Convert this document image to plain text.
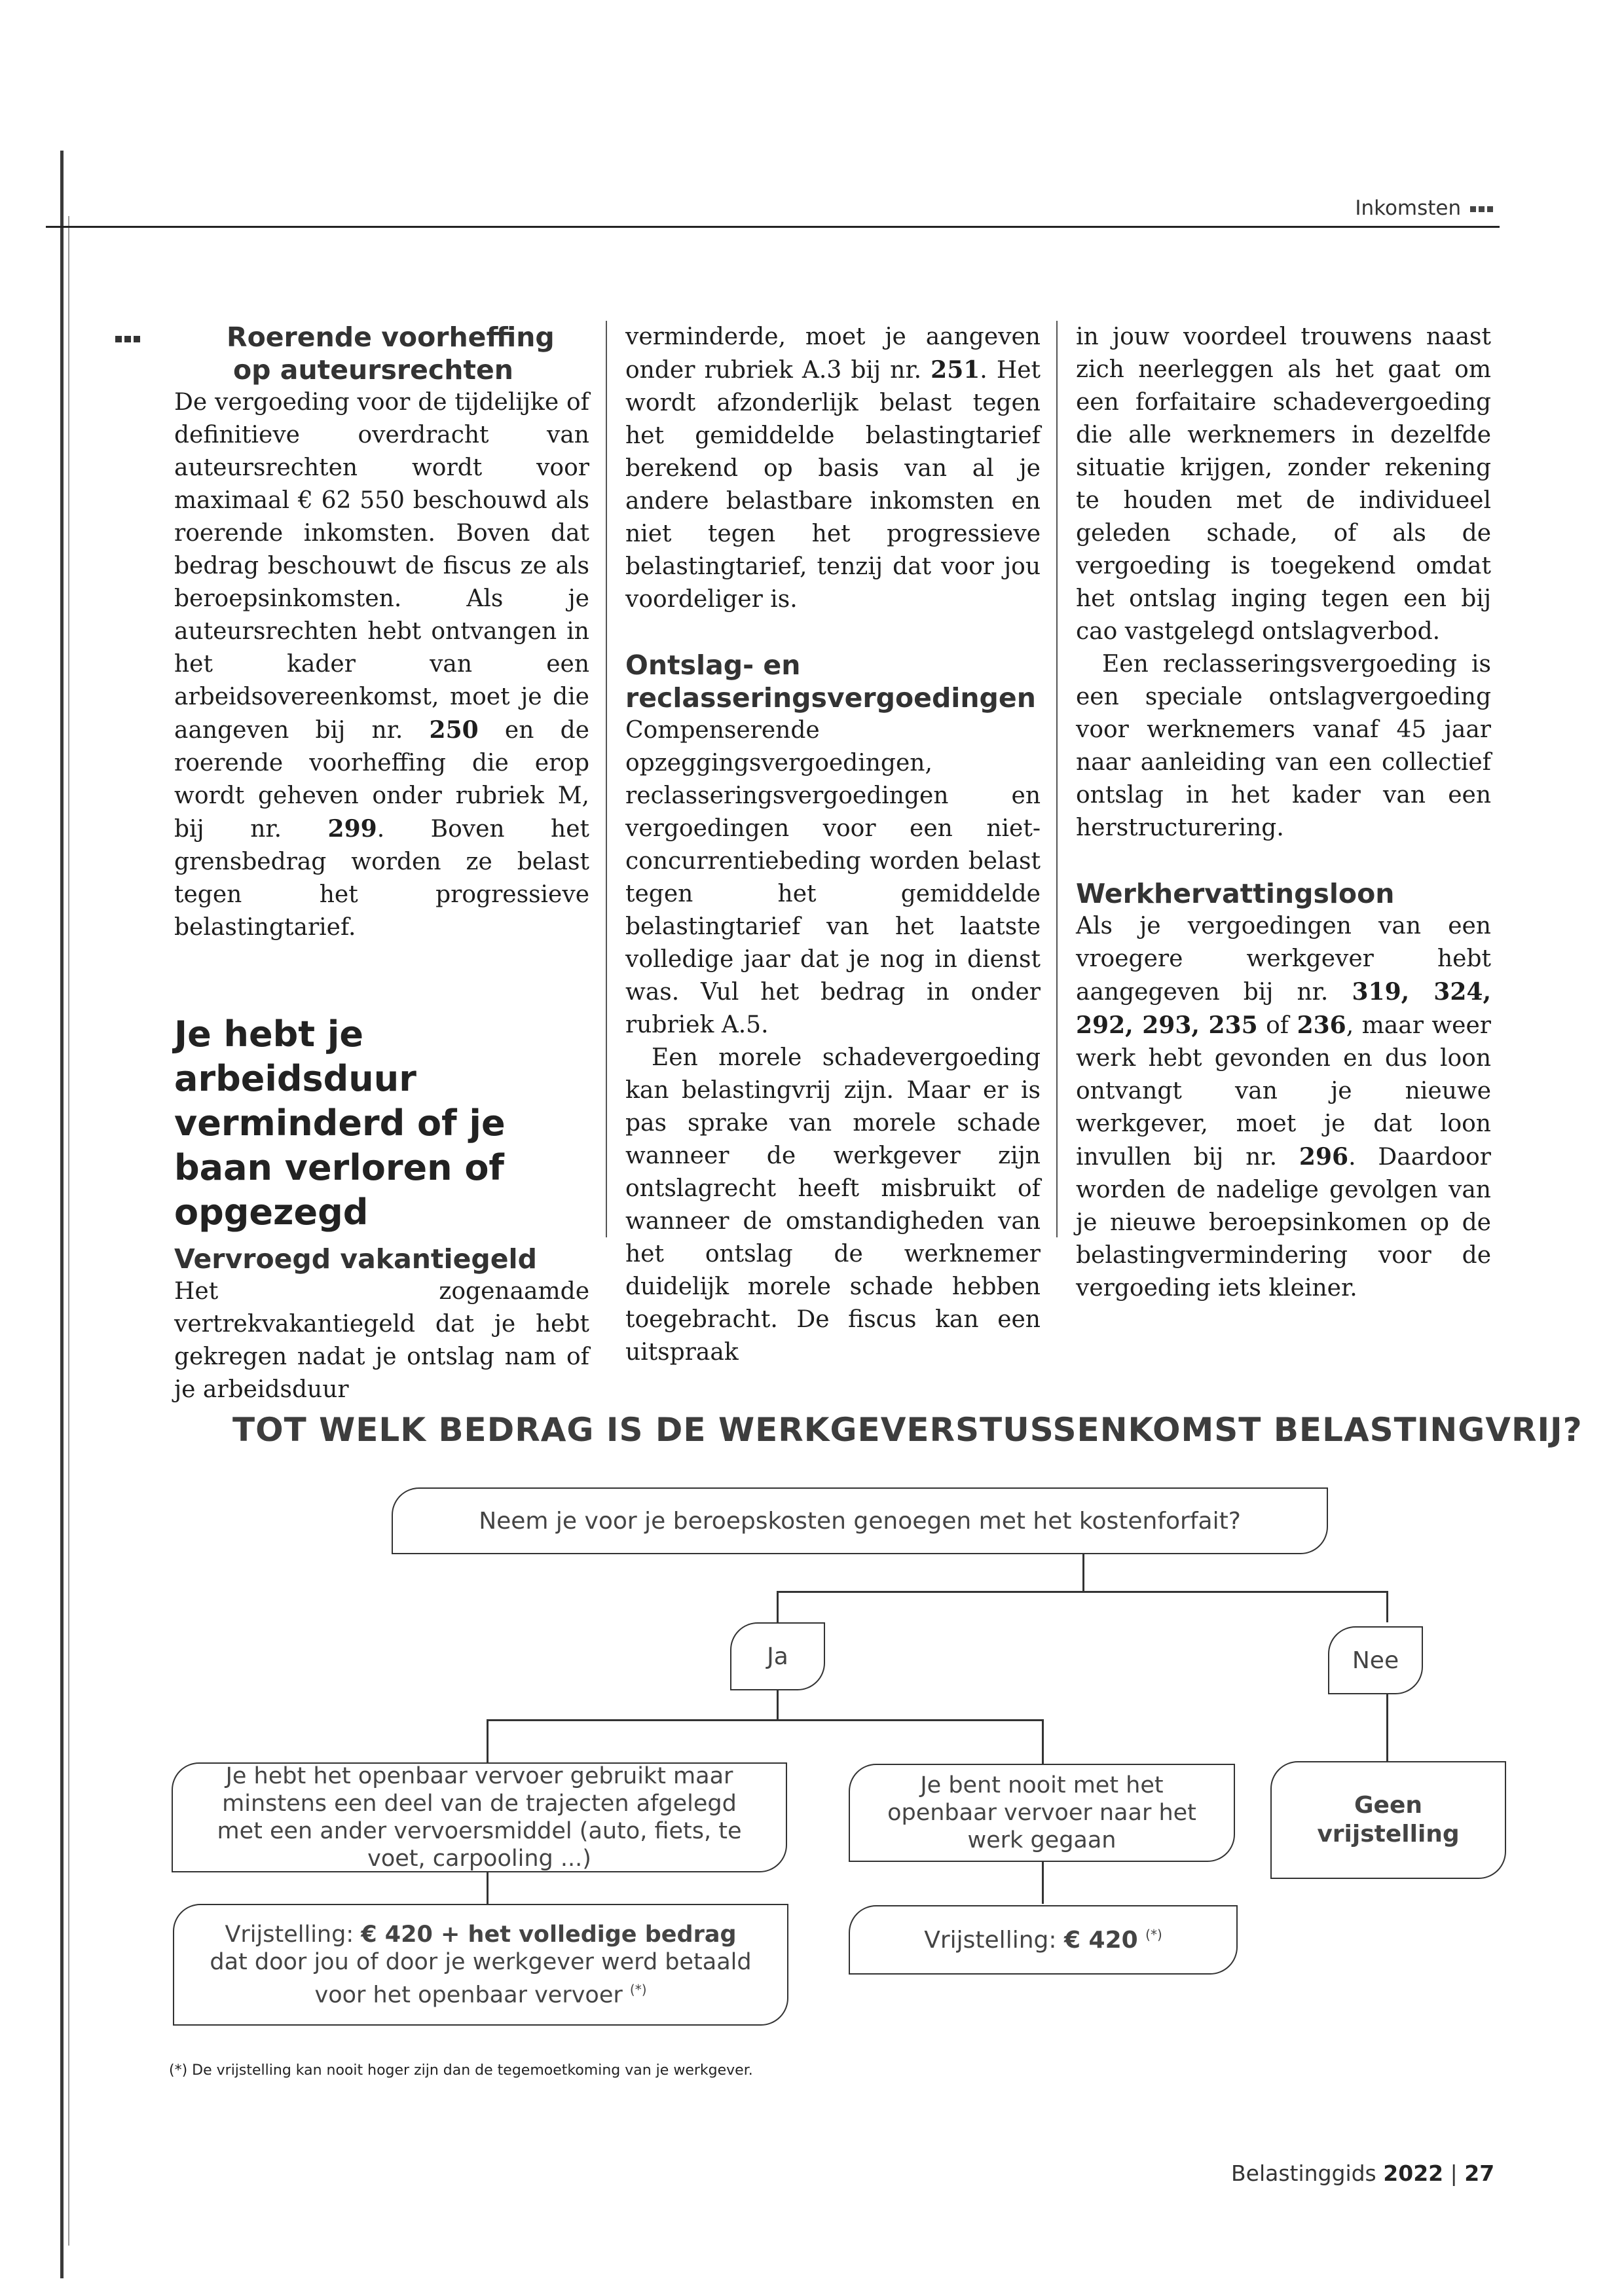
Inkomsten
Roerende voorheffing op auteursrechten

De vergoeding voor de tijdelijke of definitieve overdracht van auteursrechten wordt voor maximaal € 62 550 beschouwd als roerende inkomsten. Boven dat bedrag beschouwt de fiscus ze als beroepsinkomsten. Als je auteursrechten hebt ontvangen in het kader van een arbeidsovereenkomst, moet je die aangeven bij nr. 250 en de roerende voorheffing die erop wordt geheven onder rubriek M, bij nr. 299. Boven het grensbedrag worden ze belast tegen het progressieve belastingtarief.

Je hebt je arbeidsduur verminderd of je baan verloren of opgezegd
Vervroegd vakantiegeld

Het zogenaamde vertrekvakantiegeld dat je hebt gekregen nadat je ontslag nam of je arbeidsduur

verminderde, moet je aangeven onder rubriek A.3 bij nr. 251. Het wordt afzonderlijk belast tegen het gemiddelde belastingtarief berekend op basis van al je andere belastbare inkomsten en niet tegen het progressieve belastingtarief, tenzij dat voor jou voordeliger is.

Ontslag- en reclasseringsvergoedingen

Compenserende opzeggingsvergoedingen, reclasseringsvergoedingen en vergoedingen voor een niet-concurrentiebeding worden belast tegen het gemiddelde belastingtarief van het laatste volledige jaar dat je nog in dienst was. Vul het bedrag in onder rubriek A.5.

Een morele schadevergoeding kan belastingvrij zijn. Maar er is pas sprake van morele schade wanneer de werkgever zijn ontslagrecht heeft misbruikt of wanneer de omstandigheden van het ontslag de werknemer duidelijk morele schade hebben toegebracht. De fiscus kan een uitspraak

in jouw voordeel trouwens naast zich neerleggen als het gaat om een forfaitaire schadevergoeding die alle werknemers in dezelfde situatie krijgen, zonder rekening te houden met de individueel geleden schade, of als de vergoeding is toegekend omdat het ontslag inging tegen een bij cao vastgelegd ontslagverbod.

Een reclasseringsvergoeding is een speciale ontslagvergoeding voor werknemers vanaf 45 jaar naar aanleiding van een collectief ontslag in het kader van een herstructurering.

Werkhervattingsloon

Als je vergoedingen van een vroegere werkgever hebt aangegeven bij nr. 319, 324, 292, 293, 235 of 236, maar weer werk hebt gevonden en dus loon ontvangt van je nieuwe werkgever, moet je dat loon invullen bij nr. 296. Daardoor worden de nadelige gevolgen van je nieuwe beroepsinkomen op de belastingvermindering voor de vergoeding iets kleiner.

TOT WELK BEDRAG IS DE WERKGEVERSTUSSENKOMST BELASTINGVRIJ?
Neem je voor je beroepskosten genoegen met het kostenforfait?
Ja	Nee
Je hebt het openbaar vervoer gebruikt maar minstens een deel van de trajecten afgelegd met een ander vervoersmiddel (auto, fiets, te voet, carpooling ...)
Je bent nooit met het openbaar vervoer naar het werk gegaan
Geen vrijstelling
Vrijstelling: € 420 + het volledige bedrag dat door jou of door je werkgever werd betaald voor het openbaar vervoer (*)
Vrijstelling: € 420 (*)
(*) De vrijstelling kan nooit hoger zijn dan de tegemoetkoming van je werkgever.
Belastinggids 2022 | 27
